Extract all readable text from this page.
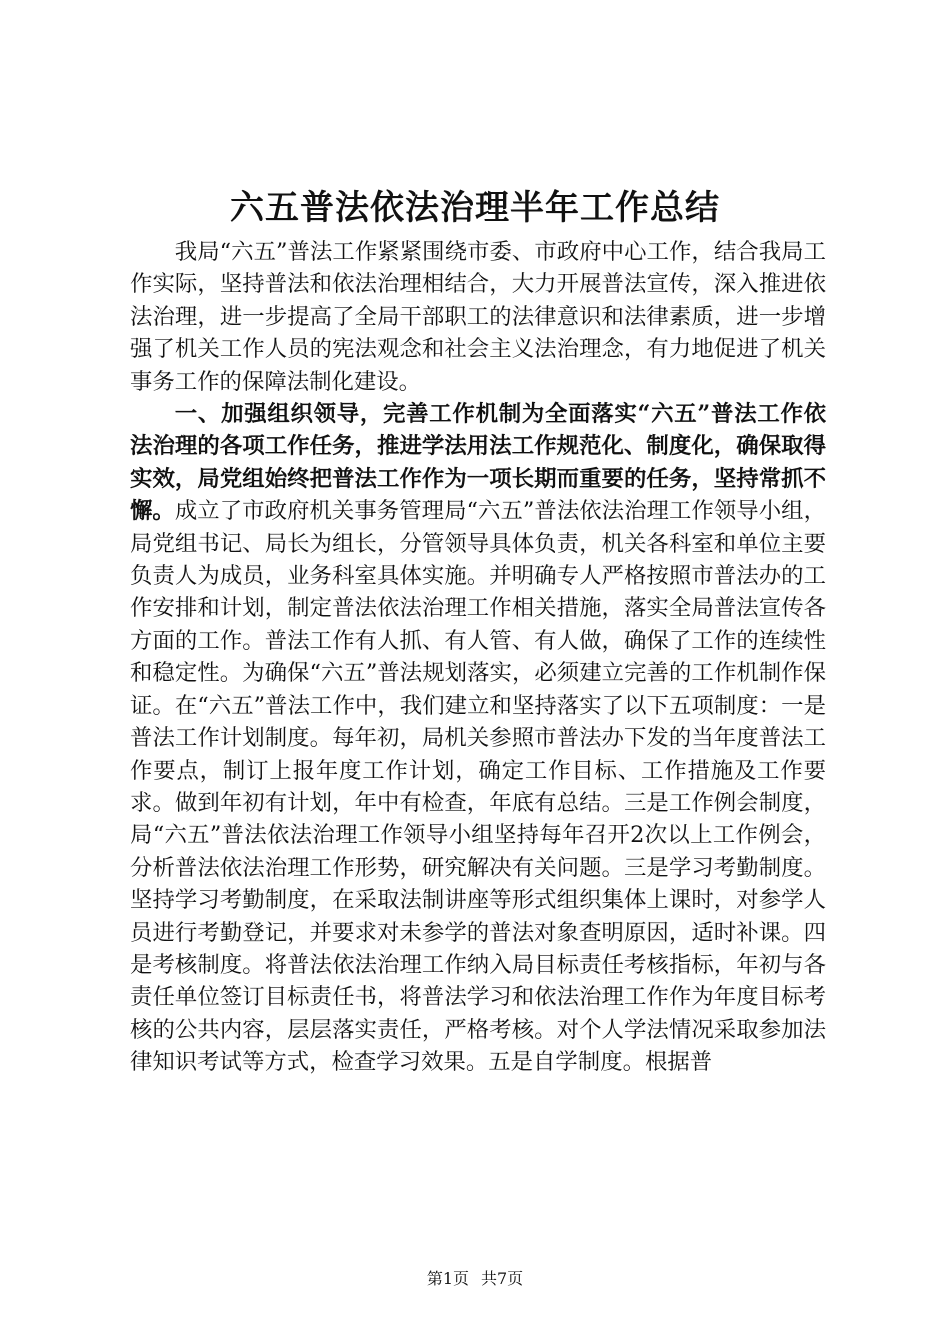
六五普法依法治理半年工作总结

我局“六五”普法工作紧紧围绕市委、市政府中心工作，结合我局工作实际，坚持普法和依法治理相结合，大力开展普法宣传，深入推进依法治理，进一步提高了全局干部职工的法律意识和法律素质，进一步增强了机关工作人员的宪法观念和社会主义法治理念，有力地促进了机关事务工作的保障法制化建设。

一、加强组织领导，完善工作机制为全面落实“六五”普法工作依法治理的各项工作任务，推进学法用法工作规范化、制度化，确保取得实效，局党组始终把普法工作作为一项长期而重要的任务，坚持常抓不懈。成立了市政府机关事务管理局“六五”普法依法治理工作领导小组，局党组书记、局长为组长，分管领导具体负责，机关各科室和单位主要负责人为成员，业务科室具体实施。并明确专人严格按照市普法办的工作安排和计划，制定普法依法治理工作相关措施，落实全局普法宣传各方面的工作。普法工作有人抓、有人管、有人做，确保了工作的连续性和稳定性。为确保“六五”普法规划落实，必须建立完善的工作机制作保证。在“六五”普法工作中，我们建立和坚持落实了以下五项制度：一是普法工作计划制度。每年初，局机关参照市普法办下发的当年度普法工作要点，制订上报年度工作计划，确定工作目标、工作措施及工作要求。做到年初有计划，年中有检查，年底有总结。三是工作例会制度，局“六五”普法依法治理工作领导小组坚持每年召开2次以上工作例会，分析普法依法治理工作形势，研究解决有关问题。三是学习考勤制度。坚持学习考勤制度，在采取法制讲座等形式组织集体上课时，对参学人员进行考勤登记，并要求对未参学的普法对象查明原因，适时补课。四是考核制度。将普法依法治理工作纳入局目标责任考核指标，年初与各责任单位签订目标责任书，将普法学习和依法治理工作作为年度目标考核的公共内容，层层落实责任，严格考核。对个人学法情况采取参加法律知识考试等方式，检查学习效果。五是自学制度。根据普

第1页 共7页
